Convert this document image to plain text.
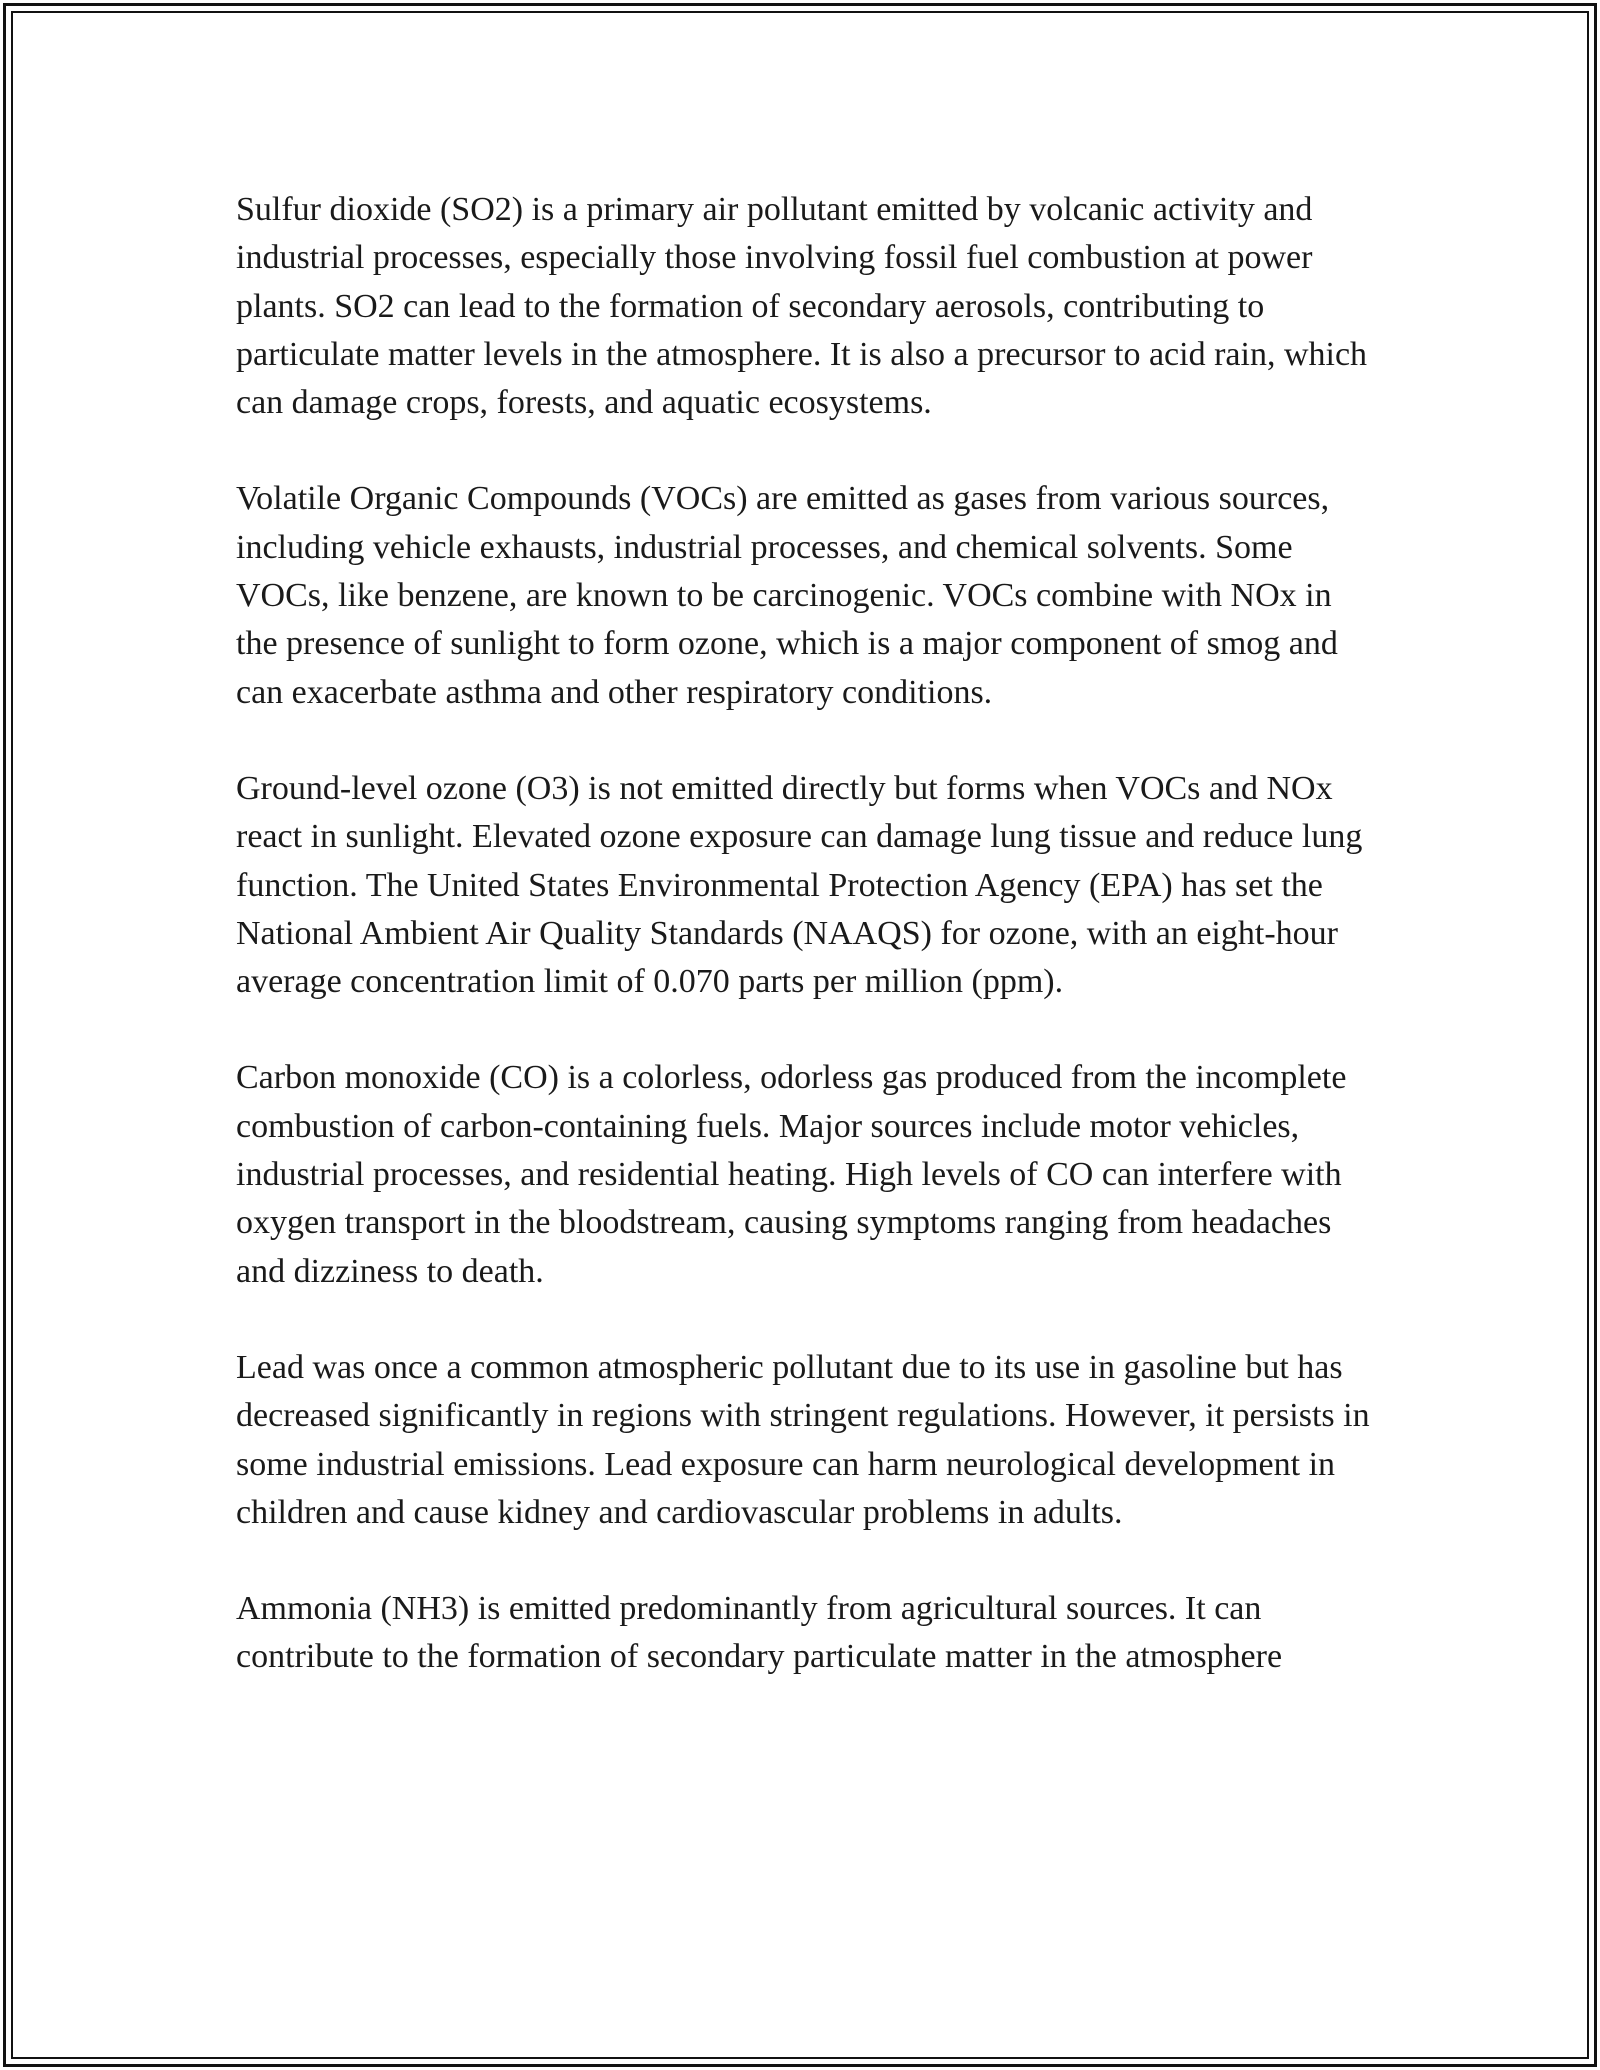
Sulfur dioxide (SO2) is a primary air pollutant emitted by volcanic activity and industrial processes, especially those involving fossil fuel combustion at power plants. SO2 can lead to the formation of secondary aerosols, contributing to particulate matter levels in the atmosphere. It is also a precursor to acid rain, which can damage crops, forests, and aquatic ecosystems.

Volatile Organic Compounds (VOCs) are emitted as gases from various sources, including vehicle exhausts, industrial processes, and chemical solvents. Some VOCs, like benzene, are known to be carcinogenic. VOCs combine with NOx in the presence of sunlight to form ozone, which is a major component of smog and can exacerbate asthma and other respiratory conditions.

Ground-level ozone (O3) is not emitted directly but forms when VOCs and NOx react in sunlight. Elevated ozone exposure can damage lung tissue and reduce lung function. The United States Environmental Protection Agency (EPA) has set the National Ambient Air Quality Standards (NAAQS) for ozone, with an eight-hour average concentration limit of 0.070 parts per million (ppm).

Carbon monoxide (CO) is a colorless, odorless gas produced from the incomplete combustion of carbon-containing fuels. Major sources include motor vehicles, industrial processes, and residential heating. High levels of CO can interfere with oxygen transport in the bloodstream, causing symptoms ranging from headaches and dizziness to death.

Lead was once a common atmospheric pollutant due to its use in gasoline but has decreased significantly in regions with stringent regulations. However, it persists in some industrial emissions. Lead exposure can harm neurological development in children and cause kidney and cardiovascular problems in adults.

Ammonia (NH3) is emitted predominantly from agricultural sources. It can contribute to the formation of secondary particulate matter in the atmosphere
